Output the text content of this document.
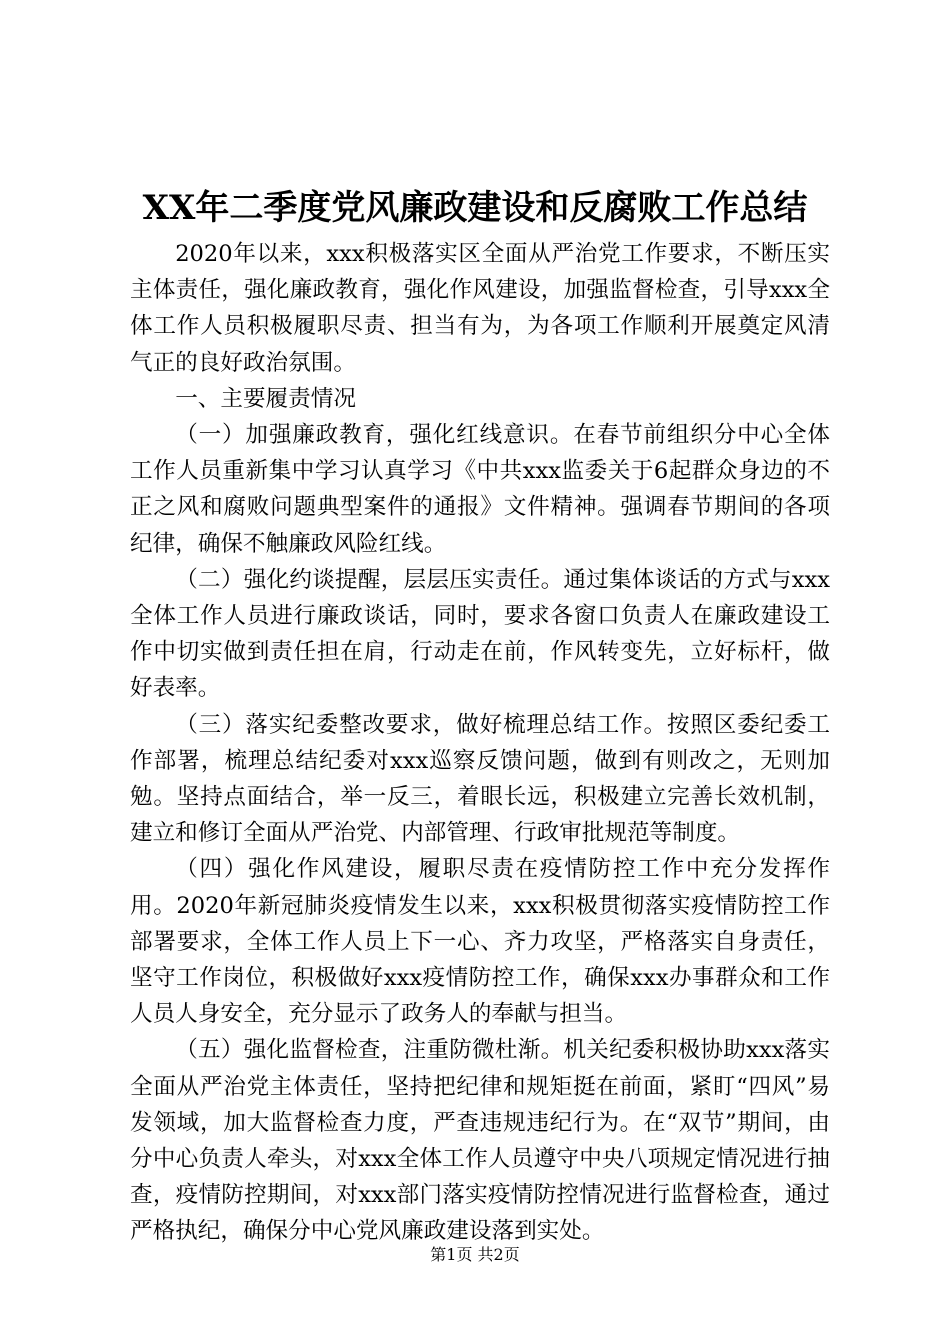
XX年二季度党风廉政建设和反腐败工作总结

2020年以来，xxx积极落实区全面从严治党工作要求，不断压实主体责任，强化廉政教育，强化作风建设，加强监督检查，引导xxx全体工作人员积极履职尽责、担当有为，为各项工作顺利开展奠定风清气正的良好政治氛围。

一、主要履责情况

（一）加强廉政教育，强化红线意识。在春节前组织分中心全体工作人员重新集中学习认真学习《中共xxx监委关于6起群众身边的不正之风和腐败问题典型案件的通报》文件精神。强调春节期间的各项纪律，确保不触廉政风险红线。

（二）强化约谈提醒，层层压实责任。通过集体谈话的方式与xxx全体工作人员进行廉政谈话，同时，要求各窗口负责人在廉政建设工作中切实做到责任担在肩，行动走在前，作风转变先，立好标杆，做好表率。

（三）落实纪委整改要求，做好梳理总结工作。按照区委纪委工作部署，梳理总结纪委对xxx巡察反馈问题，做到有则改之，无则加勉。坚持点面结合，举一反三，着眼长远，积极建立完善长效机制，建立和修订全面从严治党、内部管理、行政审批规范等制度。

（四）强化作风建设，履职尽责在疫情防控工作中充分发挥作用。2020年新冠肺炎疫情发生以来，xxx积极贯彻落实疫情防控工作部署要求，全体工作人员上下一心、齐力攻坚，严格落实自身责任，坚守工作岗位，积极做好xxx疫情防控工作，确保xxx办事群众和工作人员人身安全，充分显示了政务人的奉献与担当。

（五）强化监督检查，注重防微杜渐。机关纪委积极协助xxx落实全面从严治党主体责任，坚持把纪律和规矩挺在前面，紧盯“四风”易发领域，加大监督检查力度，严查违规违纪行为。在“双节”期间，由分中心负责人牵头，对xxx全体工作人员遵守中央八项规定情况进行抽查，疫情防控期间，对xxx部门落实疫情防控情况进行监督检查，通过严格执纪，确保分中心党风廉政建设落到实处。

第1页 共2页
